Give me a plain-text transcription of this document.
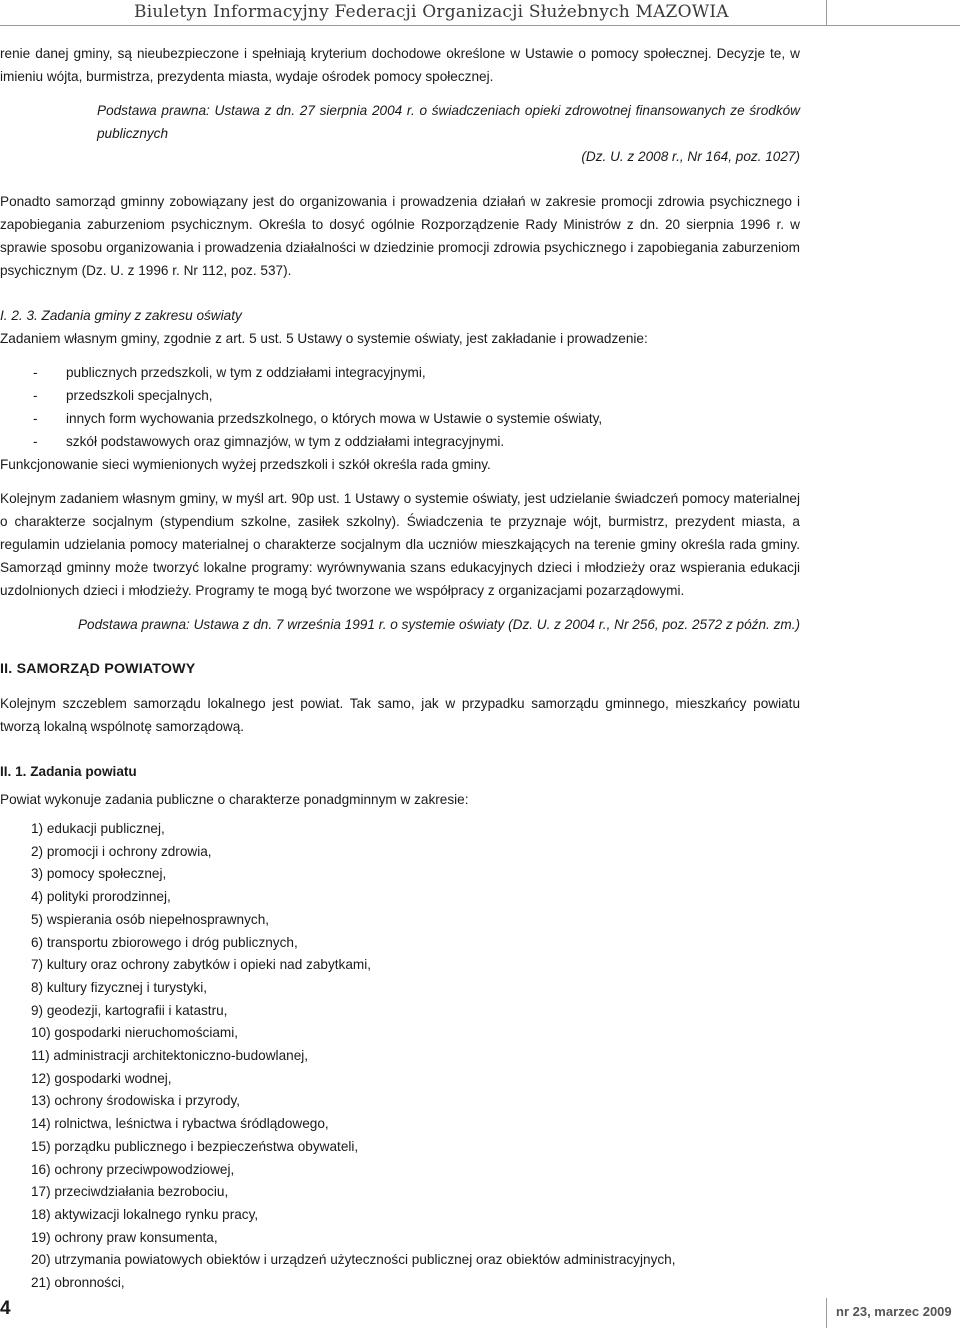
Biuletyn Informacyjny Federacji Organizacji Służebnych MAZOWIA

renie danej gminy, są nieubezpieczone i spełniają kryterium dochodowe określone w Ustawie o pomocy społecznej. Decyzje te, w imieniu wójta, burmistrza, prezydenta miasta, wydaje ośrodek pomocy społecznej.

Podstawa prawna: Ustawa z dn. 27 sierpnia 2004 r. o świadczeniach opieki zdrowotnej finansowanych ze środków publicznych

(Dz. U. z 2008 r., Nr 164, poz. 1027)

Ponadto samorząd gminny zobowiązany jest do organizowania i prowadzenia działań w zakresie promocji zdrowia psychicznego i zapobiegania zaburzeniom psychicznym. Określa to dosyć ogólnie Rozporządzenie Rady Ministrów z dn. 20 sierpnia 1996 r. w sprawie sposobu organizowania i prowadzenia działalności w dziedzinie promocji zdrowia psychicznego i zapobiegania zaburzeniom psychicznym (Dz. U. z 1996 r. Nr 112, poz. 537).

I. 2. 3. Zadania gminy z zakresu oświaty

Zadaniem własnym gminy, zgodnie z art. 5 ust. 5 Ustawy o systemie oświaty, jest zakładanie i prowadzenie:

-	publicznych przedszkoli, w tym z oddziałami integracyjnymi,
-	przedszkoli specjalnych,
-	innych form wychowania przedszkolnego, o których mowa w Ustawie o systemie oświaty,
-	szkół podstawowych oraz gimnazjów, w tym z oddziałami integracyjnymi.

Funkcjonowanie sieci wymienionych wyżej przedszkoli i szkół określa rada gminy.

Kolejnym zadaniem własnym gminy, w myśl art. 90p ust. 1 Ustawy o systemie oświaty, jest udzielanie świadczeń pomocy materialnej o charakterze socjalnym (stypendium szkolne, zasiłek szkolny). Świadczenia te przyznaje wójt, burmistrz, prezydent miasta, a regulamin udzielania pomocy materialnej o charakterze socjalnym dla uczniów mieszkających na terenie gminy określa rada gminy. Samorząd gminny może tworzyć lokalne programy: wyrównywania szans edukacyjnych dzieci i młodzieży oraz wspierania edukacji uzdolnionych dzieci i młodzieży. Programy te mogą być tworzone we współpracy z organizacjami pozarządowymi.

Podstawa prawna: Ustawa z dn. 7 września 1991 r. o systemie oświaty (Dz. U. z 2004 r., Nr 256, poz. 2572 z późn. zm.)

II. SAMORZĄD POWIATOWY

Kolejnym szczeblem samorządu lokalnego jest powiat. Tak samo, jak w przypadku samorządu gminnego, mieszkańcy powiatu tworzą lokalną wspólnotę samorządową.

II. 1. Zadania powiatu

Powiat wykonuje zadania publiczne o charakterze ponadgminnym w zakresie:

1) edukacji publicznej,
2) promocji i ochrony zdrowia,
3) pomocy społecznej,
4) polityki prorodzinnej,
5) wspierania osób niepełnosprawnych,
6) transportu zbiorowego i dróg publicznych,
7) kultury oraz ochrony zabytków i opieki nad zabytkami,
8) kultury fizycznej i turystyki,
9) geodezji, kartografii i katastru,
10) gospodarki nieruchomościami,
11) administracji architektoniczno-budowlanej,
12) gospodarki wodnej,
13) ochrony środowiska i przyrody,
14) rolnictwa, leśnictwa i rybactwa śródlądowego,
15) porządku publicznego i bezpieczeństwa obywateli,
16) ochrony przeciwpowodziowej,
17) przeciwdziałania bezrobociu,
18) aktywizacji lokalnego rynku pracy,
19) ochrony praw konsumenta,
20) utrzymania powiatowych obiektów i urządzeń użyteczności publicznej oraz obiektów administracyjnych,
21) obronności,
4	nr 23, marzec 2009
